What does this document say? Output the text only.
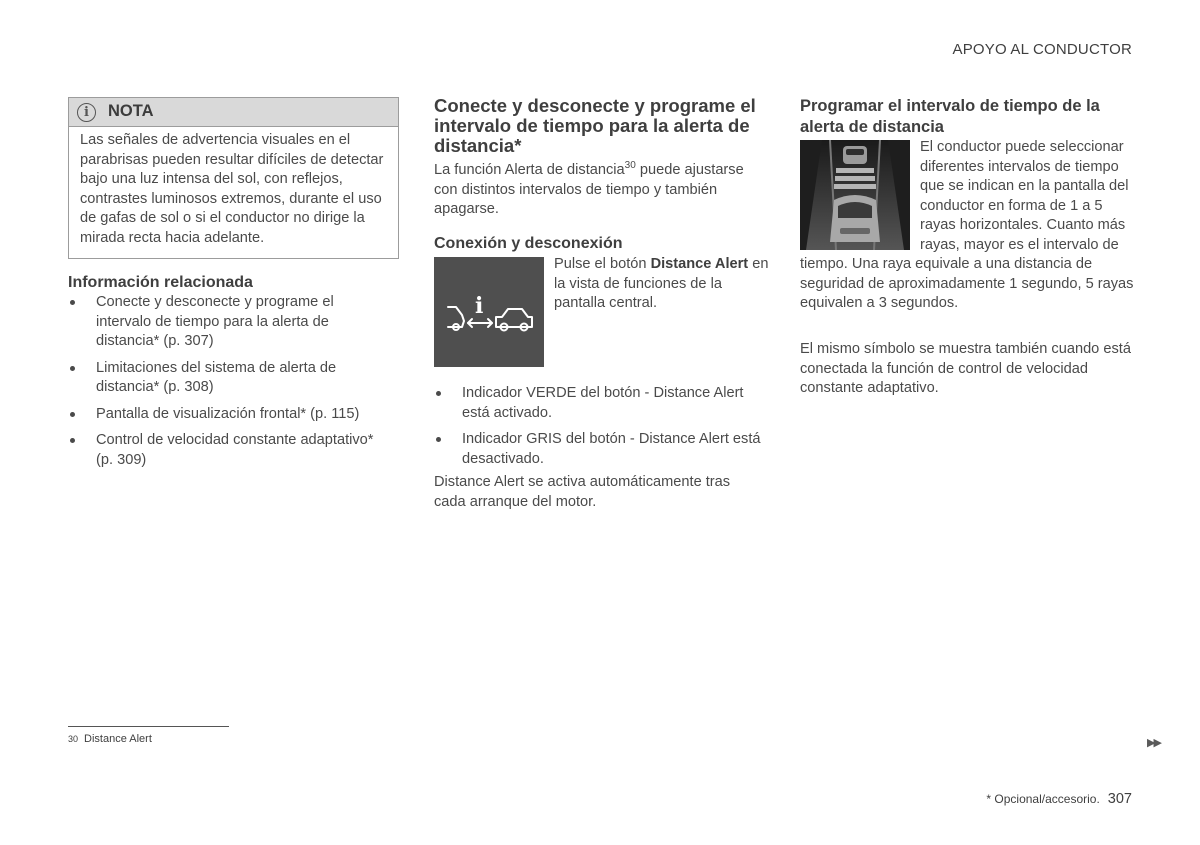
APOYO AL CONDUCTOR
i	NOTA

Las señales de advertencia visuales en el parabrisas pueden resultar difíciles de detectar bajo una luz intensa del sol, con reflejos, contrastes luminosos extremos, durante el uso de gafas de sol o si el conductor no dirige la mirada recta hacia adelante.

Información relacionada
Conecte y desconecte y programe el intervalo de tiempo para la alerta de distancia* (p. 307)
Limitaciones del sistema de alerta de distancia* (p. 308)
Pantalla de visualización frontal* (p. 115)
Control de velocidad constante adaptativo* (p. 309)
Conecte y desconecte y programe el intervalo de tiempo para la alerta de distancia*

La función Alerta de distancia$^{30}$ puede ajustarse con distintos intervalos de tiempo y también apagarse.

Conexión y desconexión
i

Pulse el botón Distance Alert en la vista de funciones de la pantalla central.

Indicador VERDE del botón - Distance Alert está activado.
Indicador GRIS del botón - Distance Alert está desactivado.

Distance Alert se activa automáticamente tras cada arranque del motor.

Programar el intervalo de tiempo de la alerta de distancia

El conductor puede seleccionar diferentes intervalos de tiempo que se indican en la pantalla del conductor en forma de 1 a 5 rayas horizontales. Cuanto más rayas, mayor es el intervalo de tiempo. Una raya equivale a una distancia de seguridad de aproximadamente 1 segundo, 5 rayas equivalen a 3 segundos.

El mismo símbolo se muestra también cuando está conectada la función de control de velocidad constante adaptativo.

30 Distance Alert	▶▶
* Opcional/accesorio. 307
